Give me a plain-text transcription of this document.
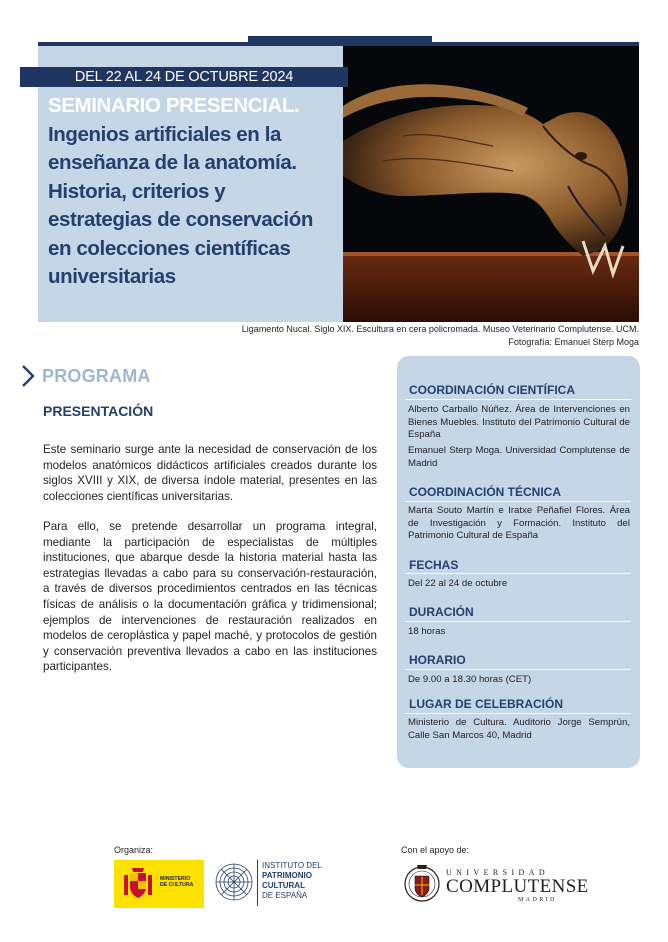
DEL 22 AL 24 DE OCTUBRE 2024
SEMINARIO PRESENCIAL.
Ingenios artificiales en la
enseñanza de la anatomía.
Historia, criterios y
estrategias de conservación
en colecciones científicas
universitarias
Ligamento Nucal. Siglo XIX. Escultura en cera policromada. Museo Veterinario Complutense. UCM.
Fotografía: Emanuel Sterp Moga
PROGRAMA
PRESENTACIÓN
Este seminario surge ante la necesidad de conservación de los modelos anatómicos didácticos artificiales creados durante los siglos XVIII y XIX, de diversa índole material, presentes en las colecciones científicas universitarias.
Para ello, se pretende desarrollar un programa integral, mediante la participación de especialistas de múltiples instituciones, que abarque desde la historia material hasta las estrategias llevadas a cabo para su conservación-restauración, a través de diversos procedimientos centrados en las técnicas físicas de análisis o la documentación gráfica y tridimensional; ejemplos de intervenciones de restauración realizados en modelos de ceroplástica y papel maché, y protocolos de gestión y conservación preventiva llevados a cabo en las instituciones participantes.
COORDINACIÓN CIENTÍFICA
Alberto Carballo Núñez. Área de Intervenciones en Bienes Muebles. Instituto del Patrimonio Cultural de España
Emanuel Sterp Moga. Universidad Complutense de Madrid
COORDINACIÓN TÉCNICA
Marta Souto Martín e Iratxe Peñafiel Flores. Área de Investigación y Formación. Instituto del Patrimonio Cultural de España
FECHAS
Del 22 al 24 de octubre
DURACIÓN
18 horas
HORARIO
De 9.00 a 18.30 horas (CET)
LUGAR DE CELEBRACIÓN
Ministerio de Cultura. Auditorio Jorge Semprún, Calle San Marcos 40, Madrid
Organiza:
MINISTERIO
DE CULTURA
INSTITUTO DEL
PATRIMONIO
CULTURAL
DE ESPAÑA
Con el apoyo de:
UNIVERSIDAD
COMPLUTENSE
MADRID
